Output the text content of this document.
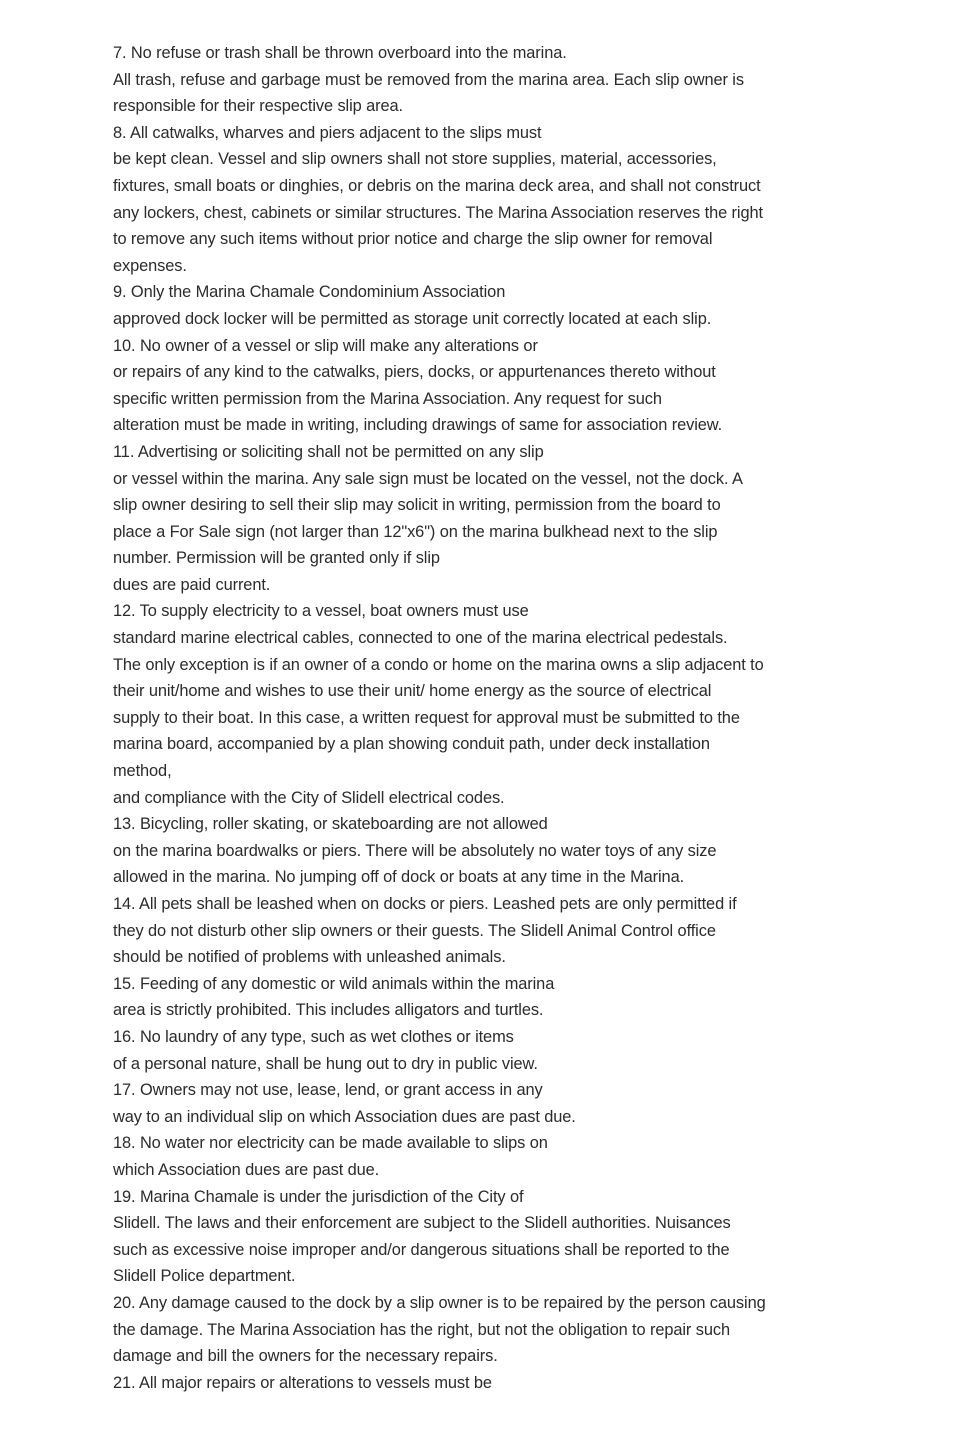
7. No refuse or trash shall be thrown overboard into the marina.
All trash, refuse and garbage must be removed from the marina area. Each slip owner is
responsible for their respective slip area.
8. All catwalks, wharves and piers adjacent to the slips must
be kept clean. Vessel and slip owners shall not store supplies, material, accessories,
fixtures, small boats or dinghies, or debris on the marina deck area, and shall not construct
any lockers, chest, cabinets or similar structures. The Marina Association reserves the right
to remove any such items without prior notice and charge the slip owner for removal
expenses.
9. Only the Marina Chamale Condominium Association
approved dock locker will be permitted as storage unit correctly located at each slip.
10. No owner of a vessel or slip will make any alterations or
or repairs of any kind to the catwalks, piers, docks, or appurtenances thereto without
specific written permission from the Marina Association. Any request for such
alteration must be made in writing, including drawings of same for association review.
11. Advertising or soliciting shall not be permitted on any slip
or vessel within the marina. Any sale sign must be located on the vessel, not the dock. A
slip owner desiring to sell their slip may solicit in writing, permission from the board to
place a For Sale sign (not larger than 12"x6") on the marina bulkhead next to the slip
number. Permission will be granted only if slip
dues are paid current.
12. To supply electricity to a vessel, boat owners must use
standard marine electrical cables, connected to one of the marina electrical pedestals.
The only exception is if an owner of a condo or home on the marina owns a slip adjacent to
their unit/home and wishes to use their unit/ home energy as the source of electrical
supply to their boat. In this case, a written request for approval must be submitted to the
marina board, accompanied by a plan showing conduit path, under deck installation
method,
and compliance with the City of Slidell electrical codes.
13. Bicycling, roller skating, or skateboarding are not allowed
on the marina boardwalks or piers. There will be absolutely no water toys of any size
allowed in the marina. No jumping off of dock or boats at any time in the Marina.
14. All pets shall be leashed when on docks or piers. Leashed pets are only permitted if
they do not disturb other slip owners or their guests. The Slidell Animal Control office
should be notified of problems with unleashed animals.
15. Feeding of any domestic or wild animals within the marina
area is strictly prohibited. This includes alligators and turtles.
16. No laundry of any type, such as wet clothes or items
of a personal nature, shall be hung out to dry in public view.
17. Owners may not use, lease, lend, or grant access in any
way to an individual slip on which Association dues are past due.
18. No water nor electricity can be made available to slips on
which Association dues are past due.
19. Marina Chamale is under the jurisdiction of the City of
Slidell. The laws and their enforcement are subject to the Slidell authorities. Nuisances
such as excessive noise improper and/or dangerous situations shall be reported to the
Slidell Police department.
20. Any damage caused to the dock by a slip owner is to be repaired by the person causing
the damage. The Marina Association has the right, but not the obligation to repair such
damage and bill the owners for the necessary repairs.
21. All major repairs or alterations to vessels must be
